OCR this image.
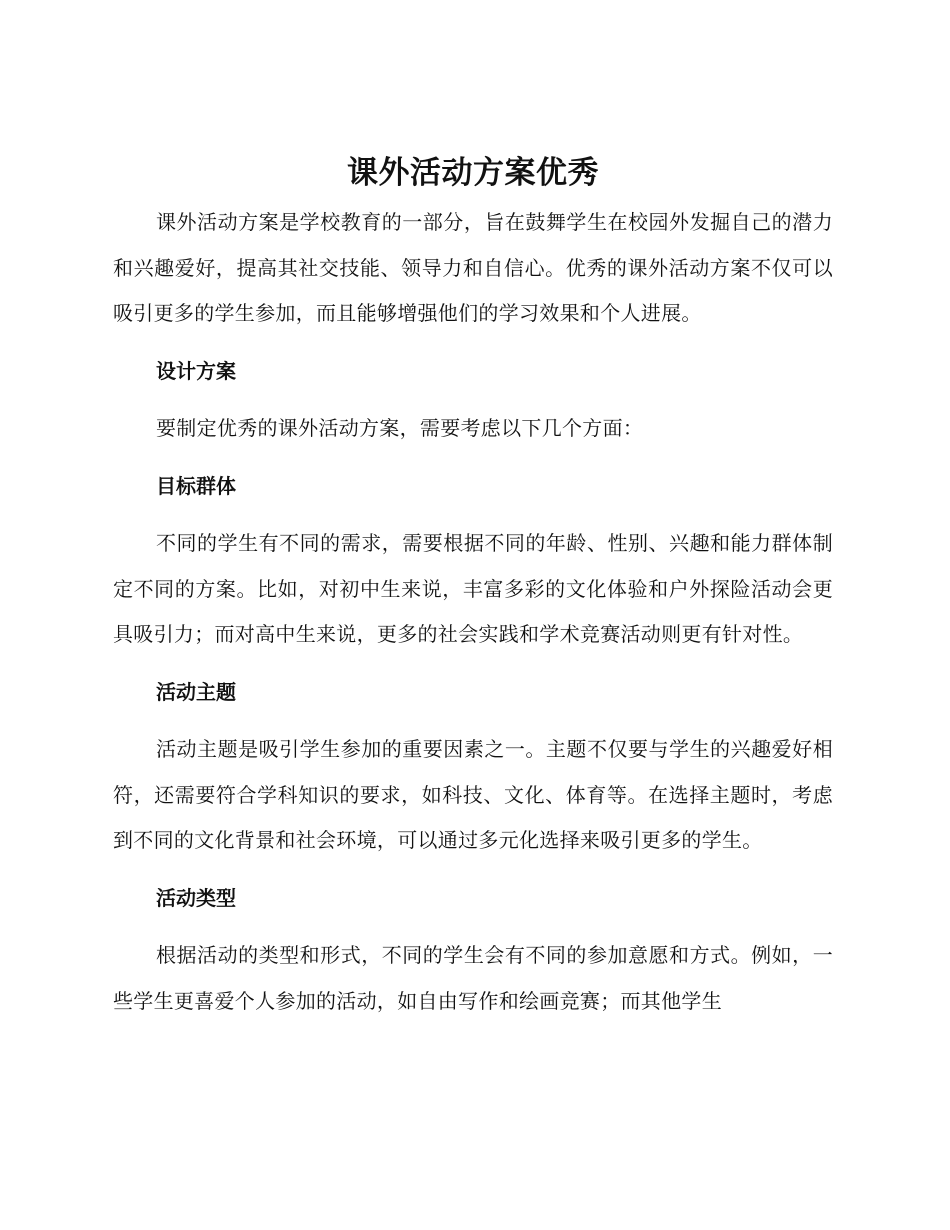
课外活动方案优秀

课外活动方案是学校教育的一部分，旨在鼓舞学生在校园外发掘自己的潜力和兴趣爱好，提高其社交技能、领导力和自信心。优秀的课外活动方案不仅可以吸引更多的学生参加，而且能够增强他们的学习效果和个人进展。

设计方案

要制定优秀的课外活动方案，需要考虑以下几个方面：

目标群体

不同的学生有不同的需求，需要根据不同的年龄、性别、兴趣和能力群体制定不同的方案。比如，对初中生来说，丰富多彩的文化体验和户外探险活动会更具吸引力；而对高中生来说，更多的社会实践和学术竞赛活动则更有针对性。

活动主题

活动主题是吸引学生参加的重要因素之一。主题不仅要与学生的兴趣爱好相符，还需要符合学科知识的要求，如科技、文化、体育等。在选择主题时，考虑到不同的文化背景和社会环境，可以通过多元化选择来吸引更多的学生。

活动类型

根据活动的类型和形式，不同的学生会有不同的参加意愿和方式。例如，一些学生更喜爱个人参加的活动，如自由写作和绘画竞赛；而其他学生
